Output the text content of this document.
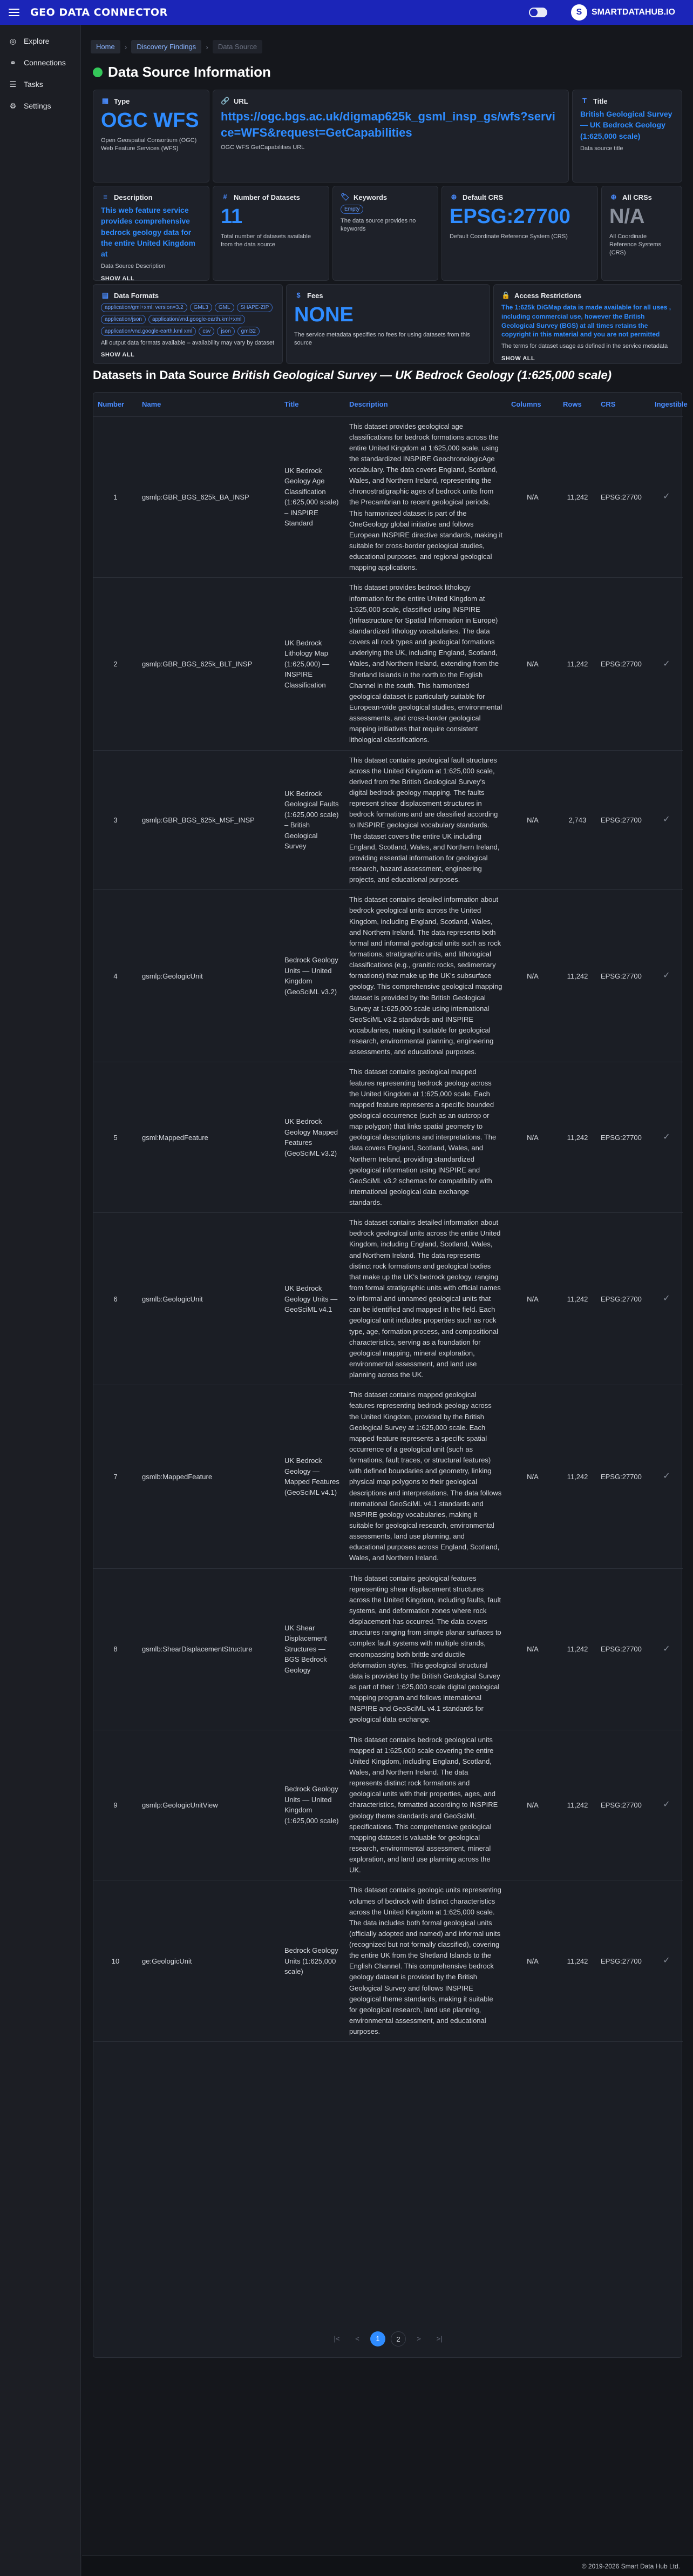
GEO DATA CONNECTOR	S	SMARTDATAHUB.IO
◎ Explore
⚭ Connections
☰ Tasks
⚙ Settings
Home	›	Discovery Findings	›	Data Source
Data Source Information
▦ Type
OGC WFS
Open Geospatial Consortium (OGC) Web Feature Services (WFS)
🔗 URL
https://ogc.bgs.ac.uk/digmap625k_gsml_insp_gs/wfs?service=WFS&request=GetCapabilities
OGC WFS GetCapabilities URL
T Title
British Geological Survey — UK Bedrock Geology (1:625,000 scale)
Data source title
≡ Description
This web feature service provides comprehensive bedrock geology data for the entire United Kingdom at
Data Source Description
SHOW ALL
# Number of Datasets
11
Total number of datasets available from the data source
🏷 Keywords
Empty
The data source provides no keywords
⊕ Default CRS
EPSG:27700
Default Coordinate Reference System (CRS)
⊕ All CRSs
N/A
All Coordinate Reference Systems (CRS)
▤ Data Formats
application/gml+xml; version=3.2	GML3	GML	SHAPE-ZIP
application/json	application/vnd.google-earth.kml+xml
application/vnd.google-earth.kml xml	csv	json	gml32
All output data formats available – availability may vary by dataset
SHOW ALL
$ Fees
NONE
The service metadata specifies no fees for using datasets from this source
🔒 Access Restrictions
The 1:625k DiGMap data is made available for all uses , including commercial use, however the British Geological Survey (BGS) at all times retains the copyright in this material and you are not permitted
The terms for dataset usage as defined in the service metadata
SHOW ALL
Datasets in Data Source British Geological Survey — UK Bedrock Geology (1:625,000 scale)
Number	Name	Title	Description	Columns	Rows	CRS	Ingestible
1	gsmlp:GBR_BGS_625k_BA_INSP	UK Bedrock Geology Age Classification (1:625,000 scale) – INSPIRE Standard	This dataset provides geological age classifications for bedrock formations across the entire United Kingdom at 1:625,000 scale, using the standardized INSPIRE GeochronologicAge vocabulary. The data covers England, Scotland, Wales, and Northern Ireland, representing the chronostratigraphic ages of bedrock units from the Precambrian to recent geological periods. This harmonized dataset is part of the OneGeology global initiative and follows European INSPIRE directive standards, making it suitable for cross-border geological studies, educational purposes, and regional geological mapping applications.	N/A	11,242	EPSG:27700	✓
2	gsmlp:GBR_BGS_625k_BLT_INSP	UK Bedrock Lithology Map (1:625,000) — INSPIRE Classification	This dataset provides bedrock lithology information for the entire United Kingdom at 1:625,000 scale, classified using INSPIRE (Infrastructure for Spatial Information in Europe) standardized lithology vocabularies. The data covers all rock types and geological formations underlying the UK, including England, Scotland, Wales, and Northern Ireland, extending from the Shetland Islands in the north to the English Channel in the south. This harmonized geological dataset is particularly suitable for European-wide geological studies, environmental assessments, and cross-border geological mapping initiatives that require consistent lithological classifications.	N/A	11,242	EPSG:27700	✓
3	gsmlp:GBR_BGS_625k_MSF_INSP	UK Bedrock Geological Faults (1:625,000 scale) – British Geological Survey	This dataset contains geological fault structures across the United Kingdom at 1:625,000 scale, derived from the British Geological Survey's digital bedrock geology mapping. The faults represent shear displacement structures in bedrock formations and are classified according to INSPIRE geological vocabulary standards. The dataset covers the entire UK including England, Scotland, Wales, and Northern Ireland, providing essential information for geological research, hazard assessment, engineering projects, and educational purposes.	N/A	2,743	EPSG:27700	✓
4	gsmlp:GeologicUnit	Bedrock Geology Units — United Kingdom (GeoSciML v3.2)	This dataset contains detailed information about bedrock geological units across the United Kingdom, including England, Scotland, Wales, and Northern Ireland. The data represents both formal and informal geological units such as rock formations, stratigraphic units, and lithological classifications (e.g., granitic rocks, sedimentary formations) that make up the UK's subsurface geology. This comprehensive geological mapping dataset is provided by the British Geological Survey at 1:625,000 scale using international GeoSciML v3.2 standards and INSPIRE vocabularies, making it suitable for geological research, environmental planning, engineering assessments, and educational purposes.	N/A	11,242	EPSG:27700	✓
5	gsml:MappedFeature	UK Bedrock Geology Mapped Features (GeoSciML v3.2)	This dataset contains geological mapped features representing bedrock geology across the United Kingdom at 1:625,000 scale. Each mapped feature represents a specific bounded geological occurrence (such as an outcrop or map polygon) that links spatial geometry to geological descriptions and interpretations. The data covers England, Scotland, Wales, and Northern Ireland, providing standardized geological information using INSPIRE and GeoSciML v3.2 schemas for compatibility with international geological data exchange standards.	N/A	11,242	EPSG:27700	✓
6	gsmlb:GeologicUnit	UK Bedrock Geology Units — GeoSciML v4.1	This dataset contains detailed information about bedrock geological units across the entire United Kingdom, including England, Scotland, Wales, and Northern Ireland. The data represents distinct rock formations and geological bodies that make up the UK's bedrock geology, ranging from formal stratigraphic units with official names to informal and unnamed geological units that can be identified and mapped in the field. Each geological unit includes properties such as rock type, age, formation process, and compositional characteristics, serving as a foundation for geological mapping, mineral exploration, environmental assessment, and land use planning across the UK.	N/A	11,242	EPSG:27700	✓
7	gsmlb:MappedFeature	UK Bedrock Geology — Mapped Features (GeoSciML v4.1)	This dataset contains mapped geological features representing bedrock geology across the United Kingdom, provided by the British Geological Survey at 1:625,000 scale. Each mapped feature represents a specific spatial occurrence of a geological unit (such as formations, fault traces, or structural features) with defined boundaries and geometry, linking physical map polygons to their geological descriptions and interpretations. The data follows international GeoSciML v4.1 standards and INSPIRE geology vocabularies, making it suitable for geological research, environmental assessments, land use planning, and educational purposes across England, Scotland, Wales, and Northern Ireland.	N/A	11,242	EPSG:27700	✓
8	gsmlb:ShearDisplacementStructure	UK Shear Displacement Structures — BGS Bedrock Geology	This dataset contains geological features representing shear displacement structures across the United Kingdom, including faults, fault systems, and deformation zones where rock displacement has occurred. The data covers structures ranging from simple planar surfaces to complex fault systems with multiple strands, encompassing both brittle and ductile deformation styles. This geological structural data is provided by the British Geological Survey as part of their 1:625,000 scale digital geological mapping program and follows international INSPIRE and GeoSciML v4.1 standards for geological data exchange.	N/A	11,242	EPSG:27700	✓
9	gsmlp:GeologicUnitView	Bedrock Geology Units — United Kingdom (1:625,000 scale)	This dataset contains bedrock geological units mapped at 1:625,000 scale covering the entire United Kingdom, including England, Scotland, Wales, and Northern Ireland. The data represents distinct rock formations and geological units with their properties, ages, and characteristics, formatted according to INSPIRE geology theme standards and GeoSciML specifications. This comprehensive geological mapping dataset is valuable for geological research, environmental assessment, mineral exploration, and land use planning across the UK.	N/A	11,242	EPSG:27700	✓
10	ge:GeologicUnit	Bedrock Geology Units (1:625,000 scale)	This dataset contains geologic units representing volumes of bedrock with distinct characteristics across the United Kingdom at 1:625,000 scale. The data includes both formal geological units (officially adopted and named) and informal units (recognized but not formally classified), covering the entire UK from the Shetland Islands to the English Channel. This comprehensive bedrock geology dataset is provided by the British Geological Survey and follows INSPIRE geological theme standards, making it suitable for geological research, land use planning, environmental assessment, and educational purposes.	N/A	11,242	EPSG:27700	✓
|<	<	1	2	>	>|
© 2019-2026 Smart Data Hub Ltd.
